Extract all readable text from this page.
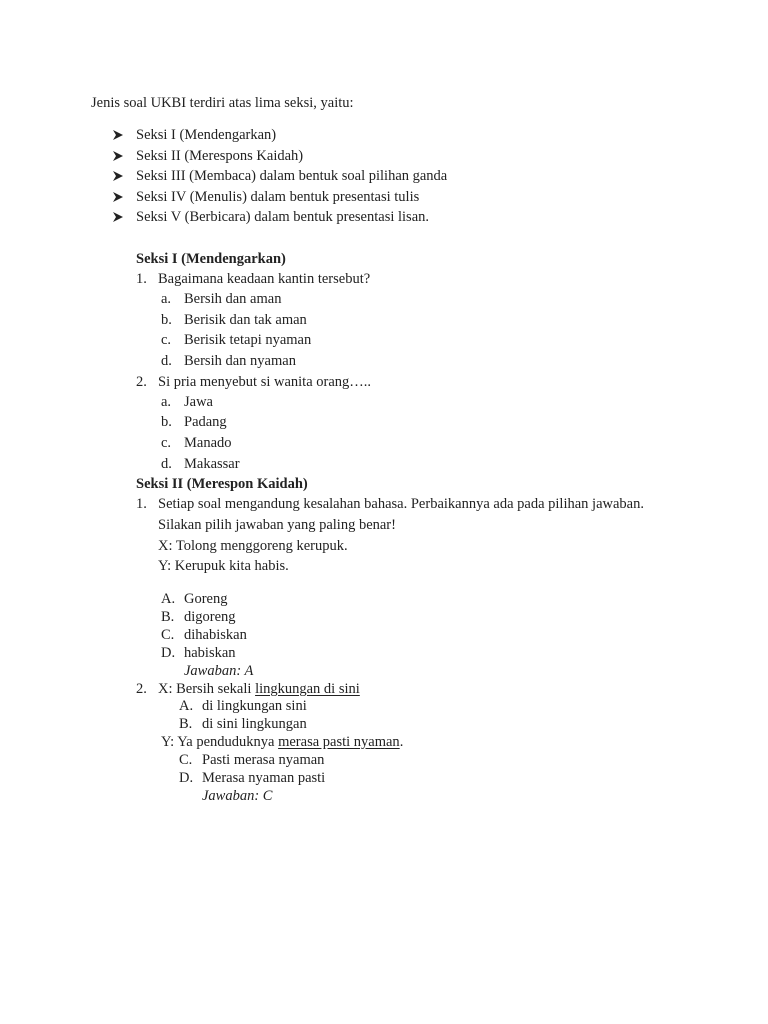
Jenis soal UKBI terdiri atas lima seksi, yaitu:
Seksi I (Mendengarkan)
Seksi II (Merespons Kaidah)
Seksi III (Membaca) dalam bentuk soal pilihan ganda
Seksi IV (Menulis) dalam bentuk presentasi tulis
Seksi V (Berbicara) dalam bentuk presentasi lisan.
Seksi I (Mendengarkan)
1. Bagaimana keadaan kantin tersebut?
a. Bersih dan aman
b. Berisik dan tak aman
c. Berisik tetapi nyaman
d. Bersih dan nyaman
2. Si pria menyebut si wanita orang…..
a. Jawa
b. Padang
c. Manado
d. Makassar
Seksi II (Merespon Kaidah)
1. Setiap soal mengandung kesalahan bahasa. Perbaikannya ada pada pilihan jawaban.
Silakan pilih jawaban yang paling benar!
X: Tolong menggoreng kerupuk.
Y: Kerupuk kita habis.
A. Goreng
B. digoreng
C. dihabiskan
D. habiskan
Jawaban: A
2. X: Bersih sekali lingkungan di sini
A. di lingkungan sini
B. di sini lingkungan
Y: Ya penduduknya merasa pasti nyaman.
C. Pasti merasa nyaman
D. Merasa nyaman pasti
Jawaban: C
